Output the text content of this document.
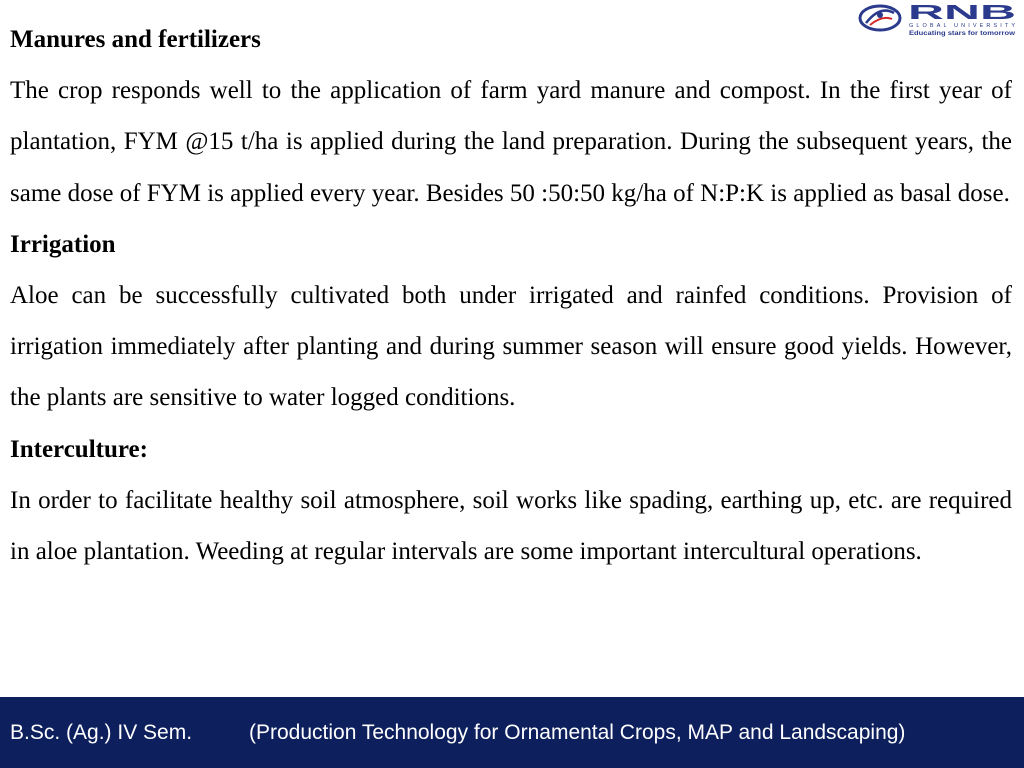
RNB
GLOBAL UNIVERSITY
Educating stars for tomorrow

Manures and fertilizers

The crop responds well to the application of farm yard manure and compost. In the first year of plantation, FYM @15 t/ha is applied during the land preparation. During the subsequent years, the same dose of FYM is applied every year. Besides 50 :50:50 kg/ha of N:P:K is applied as basal dose.

Irrigation

Aloe can be successfully cultivated both under irrigated and rainfed conditions. Provision of irrigation immediately after planting and during summer season will ensure good yields. However, the plants are sensitive to water logged conditions.

Interculture:

In order to facilitate healthy soil atmosphere, soil works like spading, earthing up, etc. are required in aloe plantation. Weeding at regular intervals are some important intercultural operations.

B.Sc. (Ag.) IV Sem.	(Production Technology for Ornamental Crops, MAP and Landscaping)
